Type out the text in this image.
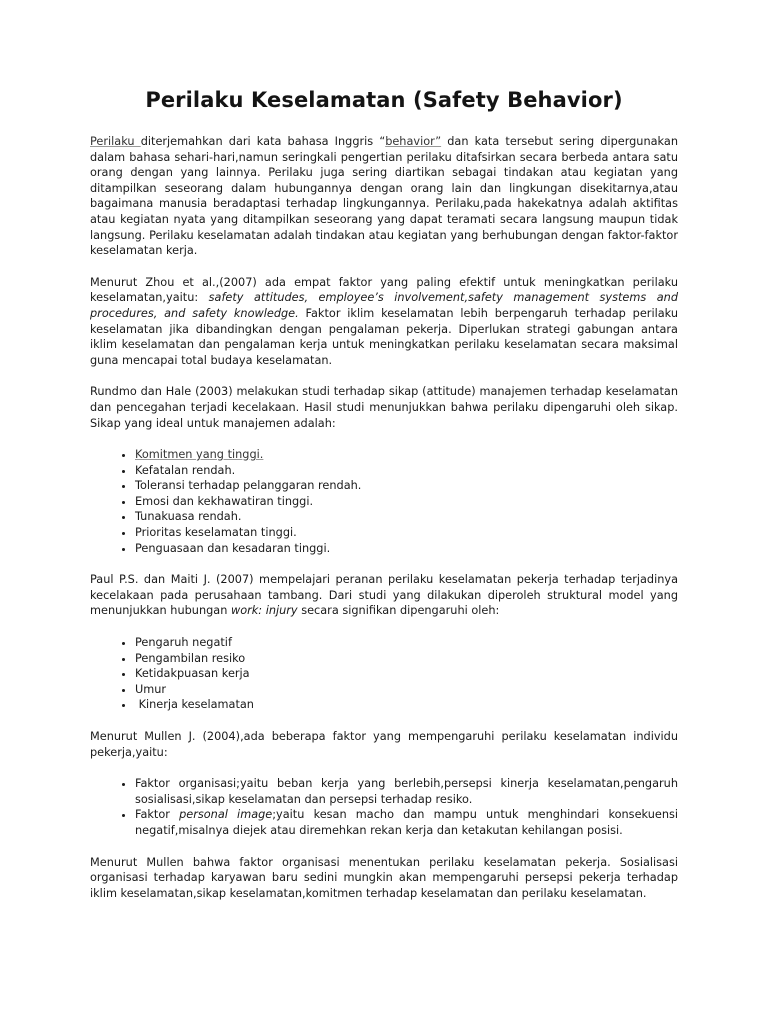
Perilaku Keselamatan (Safety Behavior)

Perilaku diterjemahkan dari kata bahasa Inggris “behavior” dan kata tersebut sering dipergunakan dalam bahasa sehari-hari,namun seringkali pengertian perilaku ditafsirkan secara berbeda antara satu orang dengan yang lainnya. Perilaku juga sering diartikan sebagai tindakan atau kegiatan yang ditampilkan seseorang dalam hubungannya dengan orang lain dan lingkungan disekitarnya,atau bagaimana manusia beradaptasi terhadap lingkungannya. Perilaku,pada hakekatnya adalah aktifitas atau kegiatan nyata yang ditampilkan seseorang yang dapat teramati secara langsung maupun tidak langsung. Perilaku keselamatan adalah tindakan atau kegiatan yang berhubungan dengan faktor-faktor keselamatan kerja.

Menurut Zhou et al.,(2007) ada empat faktor yang paling efektif untuk meningkatkan perilaku keselamatan,yaitu: safety attitudes, employee’s involvement,safety management systems and procedures, and safety knowledge. Faktor iklim keselamatan lebih berpengaruh terhadap perilaku keselamatan jika dibandingkan dengan pengalaman pekerja. Diperlukan strategi gabungan antara iklim keselamatan dan pengalaman kerja untuk meningkatkan perilaku keselamatan secara maksimal guna mencapai total budaya keselamatan.

Rundmo dan Hale (2003) melakukan studi terhadap sikap (attitude) manajemen terhadap keselamatan dan pencegahan terjadi kecelakaan. Hasil studi menunjukkan bahwa perilaku dipengaruhi oleh sikap. Sikap yang ideal untuk manajemen adalah:

• Komitmen yang tinggi.
• Kefatalan rendah.
• Toleransi terhadap pelanggaran rendah.
• Emosi dan kekhawatiran tinggi.
• Tunakuasa rendah.
• Prioritas keselamatan tinggi.
• Penguasaan dan kesadaran tinggi.

Paul P.S. dan Maiti J. (2007) mempelajari peranan perilaku keselamatan pekerja terhadap terjadinya kecelakaan pada perusahaan tambang. Dari studi yang dilakukan diperoleh struktural model yang menunjukkan hubungan work: injury secara signifikan dipengaruhi oleh:

• Pengaruh negatif
• Pengambilan resiko
• Ketidakpuasan kerja
• Umur
•  Kinerja keselamatan

Menurut Mullen J. (2004),ada beberapa faktor yang mempengaruhi perilaku keselamatan individu pekerja,yaitu:

• Faktor organisasi;yaitu beban kerja yang berlebih,persepsi kinerja keselamatan,pengaruh sosialisasi,sikap keselamatan dan persepsi terhadap resiko.
• Faktor personal image;yaitu kesan macho dan mampu untuk menghindari konsekuensi negatif,misalnya diejek atau diremehkan rekan kerja dan ketakutan kehilangan posisi.

Menurut Mullen bahwa faktor organisasi menentukan perilaku keselamatan pekerja. Sosialisasi organisasi terhadap karyawan baru sedini mungkin akan mempengaruhi persepsi pekerja terhadap iklim keselamatan,sikap keselamatan,komitmen terhadap keselamatan dan perilaku keselamatan.
